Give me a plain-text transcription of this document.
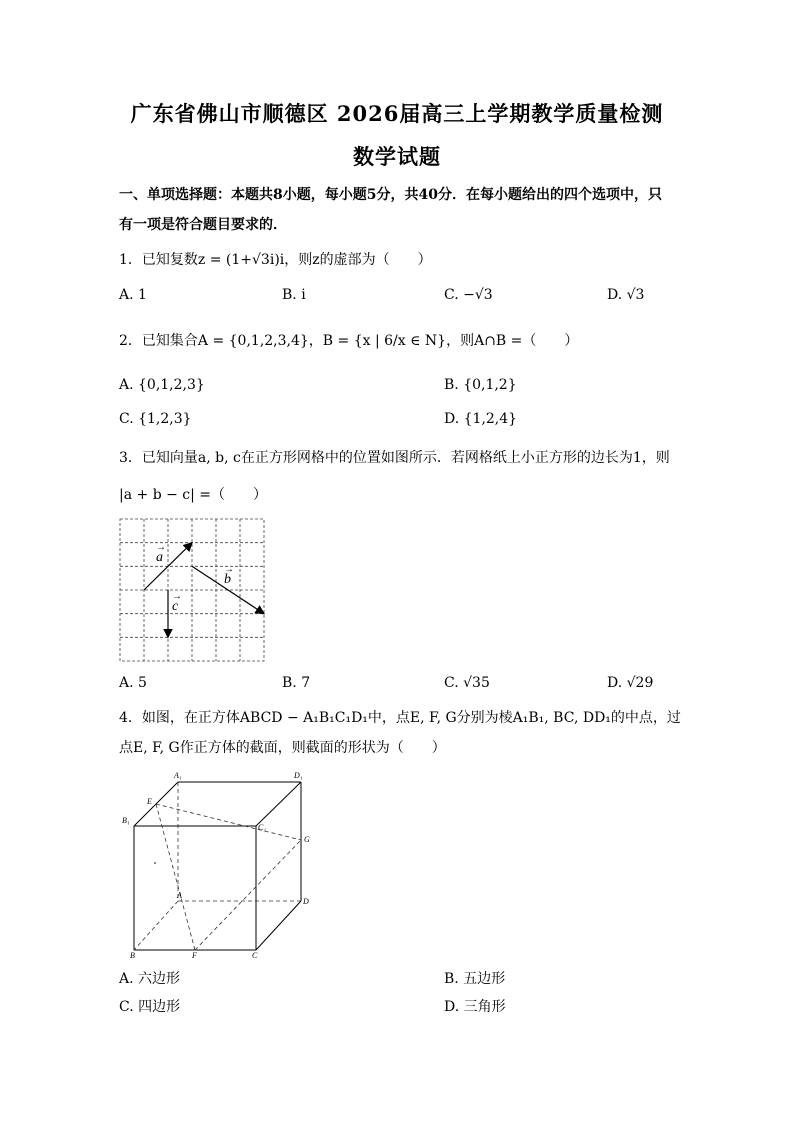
广东省佛山市顺德区 2026届高三上学期教学质量检测
数学试题
一、单项选择题：本题共8小题，每小题5分，共40分．在每小题给出的四个选项中，只
有一项是符合题目要求的．
1．已知复数z = (1+√3i)i，则z的虚部为（　　）
A. 1	B. i	C. −√3	D. √3
2．已知集合A = {0,1,2,3,4}，B = {x | 6/x ∈ N}，则A∩B =（　　）
A. {0,1,2,3}	B. {0,1,2}
C. {1,2,3}	D. {1,2,4}
3．已知向量a, b, c在正方形网格中的位置如图所示．若网格纸上小正方形的边长为1，则
|a + b − c| =（　　）
a
→
b
→
c
→
A. 5	B. 7	C. √35	D. √29
4．如图，在正方体ABCD − A₁B₁C₁D₁中，点E, F, G分别为棱A₁B₁, BC, DD₁的中点，过
点E, F, G作正方体的截面，则截面的形状为（　　）
A₁	D₁
B₁
E
C₁
G
A
D
B	F	C
A. 六边形	B. 五边形
C. 四边形	D. 三角形
